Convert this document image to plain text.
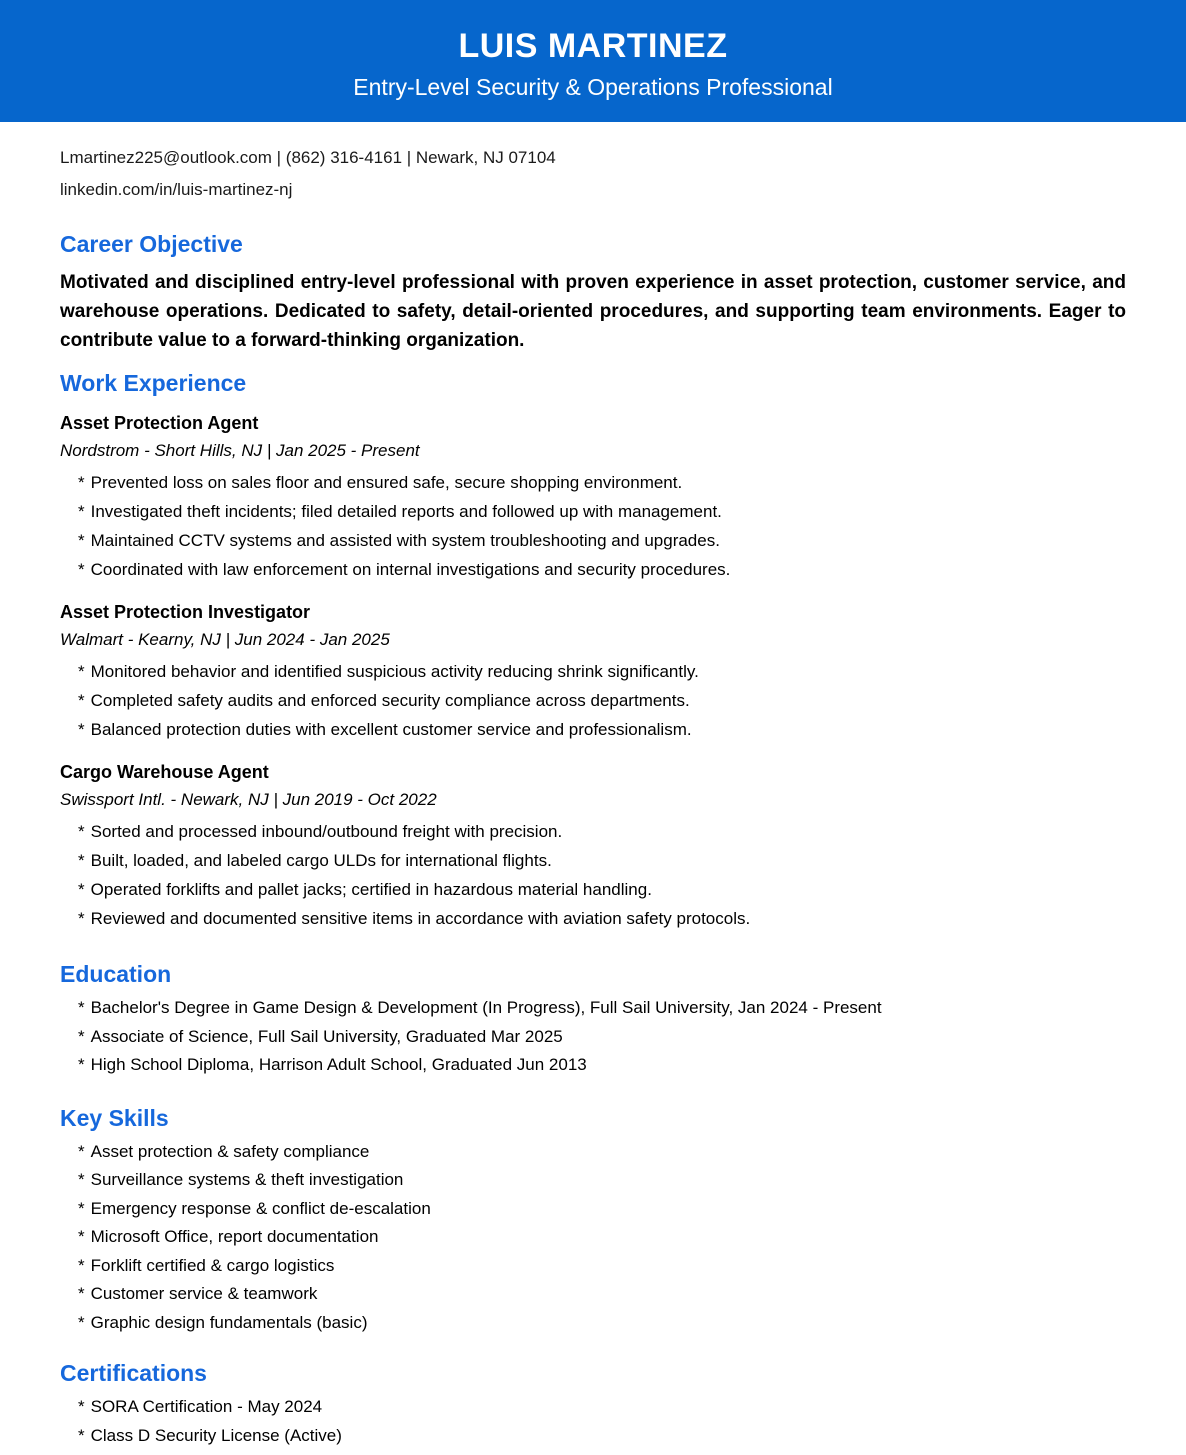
LUIS MARTINEZ
Entry-Level Security & Operations Professional
Lmartinez225@outlook.com | (862) 316-4161 | Newark, NJ 07104
linkedin.com/in/luis-martinez-nj
Career Objective

Motivated and disciplined entry-level professional with proven experience in asset protection, customer service, and warehouse operations. Dedicated to safety, detail-oriented procedures, and supporting team environments. Eager to contribute value to a forward-thinking organization.

Work Experience
Asset Protection Agent
Nordstrom - Short Hills, NJ | Jan 2025 - Present
* Prevented loss on sales floor and ensured safe, secure shopping environment.
* Investigated theft incidents; filed detailed reports and followed up with management.
* Maintained CCTV systems and assisted with system troubleshooting and upgrades.
* Coordinated with law enforcement on internal investigations and security procedures.
Asset Protection Investigator
Walmart - Kearny, NJ | Jun 2024 - Jan 2025
* Monitored behavior and identified suspicious activity reducing shrink significantly.
* Completed safety audits and enforced security compliance across departments.
* Balanced protection duties with excellent customer service and professionalism.
Cargo Warehouse Agent
Swissport Intl. - Newark, NJ | Jun 2019 - Oct 2022
* Sorted and processed inbound/outbound freight with precision.
* Built, loaded, and labeled cargo ULDs for international flights.
* Operated forklifts and pallet jacks; certified in hazardous material handling.
* Reviewed and documented sensitive items in accordance with aviation safety protocols.
Education
* Bachelor's Degree in Game Design & Development (In Progress), Full Sail University, Jan 2024 - Present
* Associate of Science, Full Sail University, Graduated Mar 2025
* High School Diploma, Harrison Adult School, Graduated Jun 2013
Key Skills
* Asset protection & safety compliance
* Surveillance systems & theft investigation
* Emergency response & conflict de-escalation
* Microsoft Office, report documentation
* Forklift certified & cargo logistics
* Customer service & teamwork
* Graphic design fundamentals (basic)
Certifications
* SORA Certification - May 2024
* Class D Security License (Active)
